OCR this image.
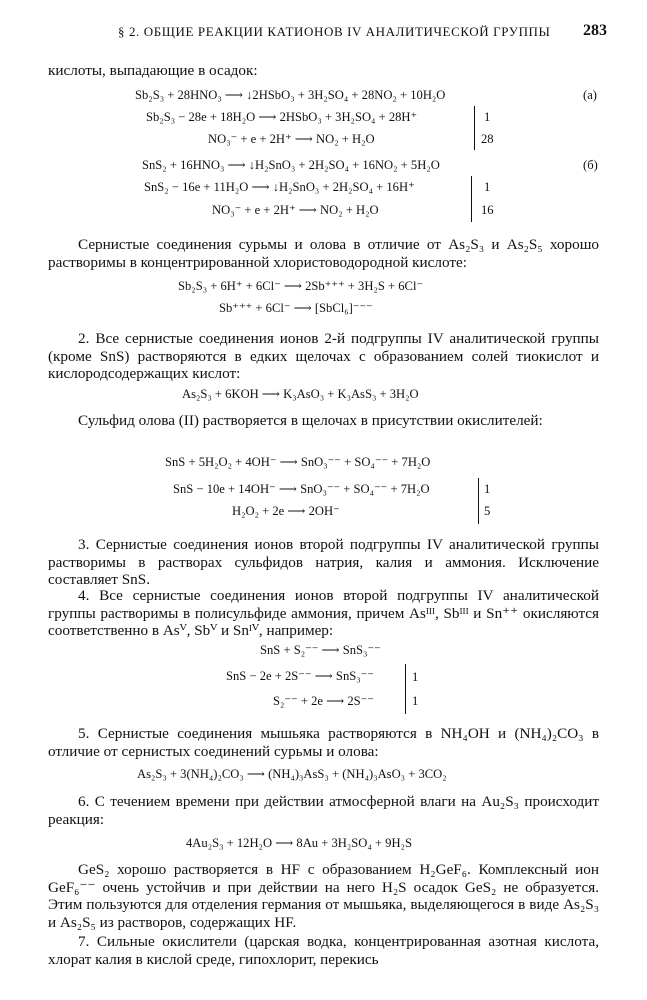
§ 2. ОБЩИЕ РЕАКЦИИ КАТИОНОВ IV АНАЛИТИЧЕСКОЙ ГРУППЫ 283
кислоты, выпадающие в осадок:
Sb₂S₃ + 28HNO₃ ⟶ ↓2HSbO₃ + 3H₂SO₄ + 28NO₂ + 10H₂O	(а)
Sb₂S₃ − 28e + 18H₂O ⟶ 2HSbO₃ + 3H₂SO₄ + 28H⁺
NO₃⁻ + e + 2H⁺ ⟶ NO₂ + H₂O
1
28
SnS₂ + 16HNO₃ ⟶ ↓H₂SnO₃ + 2H₂SO₄ + 16NO₂ + 5H₂O	(б)
SnS₂ − 16e + 11H₂O ⟶ ↓H₂SnO₃ + 2H₂SO₄ + 16H⁺
NO₃⁻ + e + 2H⁺ ⟶ NO₂ + H₂O
1
16
Сернистые соединения сурьмы и олова в отличие от As₂S₃ и As₂S₅ хорошо растворимы в концентрированной хлористоводородной кислоте:
Sb₂S₃ + 6H⁺ + 6Cl⁻ ⟶ 2Sb⁺⁺⁺ + 3H₂S + 6Cl⁻
Sb⁺⁺⁺ + 6Cl⁻ ⟶ [SbCl₆]⁻⁻⁻
2. Все сернистые соединения ионов 2-й подгруппы IV аналитической группы (кроме SnS) растворяются в едких щелочах с образованием солей тиокислот и кислородсодержащих кислот:
As₂S₃ + 6KOH ⟶ K₃AsO₃ + K₃AsS₃ + 3H₂O
Сульфид олова (II) растворяется в щелочах в присутствии окислителей:
SnS + 5H₂O₂ + 4OH⁻ ⟶ SnO₃⁻⁻ + SO₄⁻⁻ + 7H₂O
SnS − 10e + 14OH⁻ ⟶ SnO₃⁻⁻ + SO₄⁻⁻ + 7H₂O
H₂O₂ + 2e ⟶ 2OH⁻
1
5
3. Сернистые соединения ионов второй подгруппы IV аналитической группы растворимы в растворах сульфидов натрия, калия и аммония. Исключение составляет SnS.
4. Все сернистые соединения ионов второй подгруппы IV аналитической группы растворимы в полисульфиде аммония, причем Asᴵᴵᴵ, Sbᴵᴵᴵ и Sn⁺⁺ окисляются соответственно в Asⱽ, Sbⱽ и Snᴵⱽ, например:
SnS + S₂⁻⁻ ⟶ SnS₃⁻⁻
SnS − 2e + 2S⁻⁻ ⟶ SnS₃⁻⁻
S₂⁻⁻ + 2e ⟶ 2S⁻⁻
1
1
5. Сернистые соединения мышьяка растворяются в NH₄OH и (NH₄)₂CO₃ в отличие от сернистых соединений сурьмы и олова:
As₂S₃ + 3(NH₄)₂CO₃ ⟶ (NH₄)₃AsS₃ + (NH₄)₃AsO₃ + 3CO₂
6. С течением времени при действии атмосферной влаги на Au₂S₃ происходит реакция:
4Au₂S₃ + 12H₂O ⟶ 8Au + 3H₂SO₄ + 9H₂S
GeS₂ хорошо растворяется в HF с образованием H₂GeF₆. Комплексный ион GeF₆⁻⁻ очень устойчив и при действии на него H₂S осадок GeS₂ не образуется. Этим пользуются для отделения германия от мышьяка, выделяющегося в виде As₂S₃ и As₂S₅ из растворов, содержащих HF.
7. Сильные окислители (царская водка, концентрированная азотная кислота, хлорат калия в кислой среде, гипохлорит, перекись
